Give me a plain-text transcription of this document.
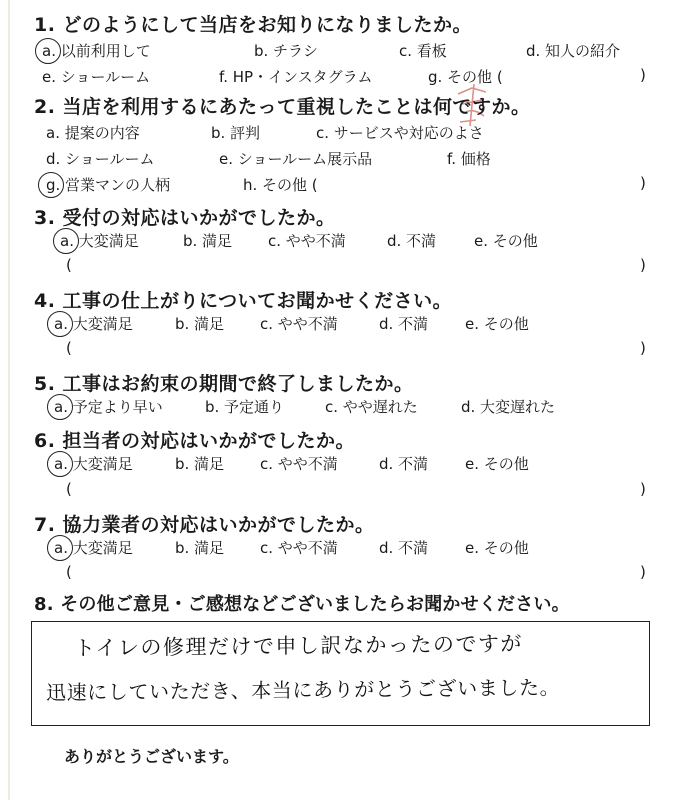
1. どのようにして当店をお知りになりましたか。
a. 以前利用して	b. チラシ	c. 看板	d. 知人の紹介
e. ショールーム	f. HP・インスタグラム	g. その他 (	)
2. 当店を利用するにあたって重視したことは何ですか。
a. 提案の内容	b. 評判	c. サービスや対応のよさ
d. ショールーム	e. ショールーム展示品	f. 価格
g. 営業マンの人柄	h. その他 (	)
3. 受付の対応はいかがでしたか。
a. 大変満足	b. 満足 c. やや不満	d. 不満	e. その他
(	)
4. 工事の仕上がりについてお聞かせください。
a. 大変満足	b. 満足 c. やや不満	d. 不満 e. その他
(	)
5. 工事はお約束の期間で終了しましたか。
a. 予定より早い	b. 予定通り	c. やや遅れた	d. 大変遅れた
6. 担当者の対応はいかがでしたか。
a. 大変満足	b. 満足 c. やや不満	d. 不満 e. その他
(	)
7. 協力業者の対応はいかがでしたか。
a. 大変満足	b. 満足 c. やや不満	d. 不満 e. その他
(	)
8. その他ご意見・ご感想などございましたらお聞かせください。
トイレの修理だけで申し訳なかったのですが
迅速にしていただき、本当にありがとうございました。
ありがとうございます。
